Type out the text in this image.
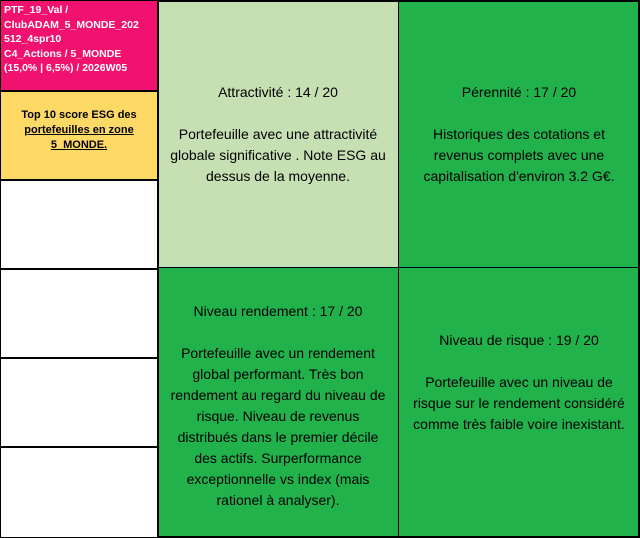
PTF_19_Val /
ClubADAM_5_MONDE_202
512_4spr10
C4_Actions / 5_MONDE
(15,0% | 6,5%) / 2026W05
Top 10 score ESG des
portefeuilles en zone
5_MONDE.

Attractivité : 14 / 20

Portefeuille avec une attractivité globale significative . Note ESG au dessus de la moyenne.

Pérennité : 17 / 20

Historiques des cotations et revenus complets avec une capitalisation d'environ 3.2 G€.

Niveau rendement : 17 / 20

Portefeuille avec un rendement global performant. Très bon rendement au regard du niveau de risque. Niveau de revenus distribués dans le premier décile des actifs. Surperformance exceptionnelle vs index (mais rationel à analyser).

Niveau de risque : 19 / 20

Portefeuille avec un niveau de risque sur le rendement considéré comme très faible voire inexistant.
